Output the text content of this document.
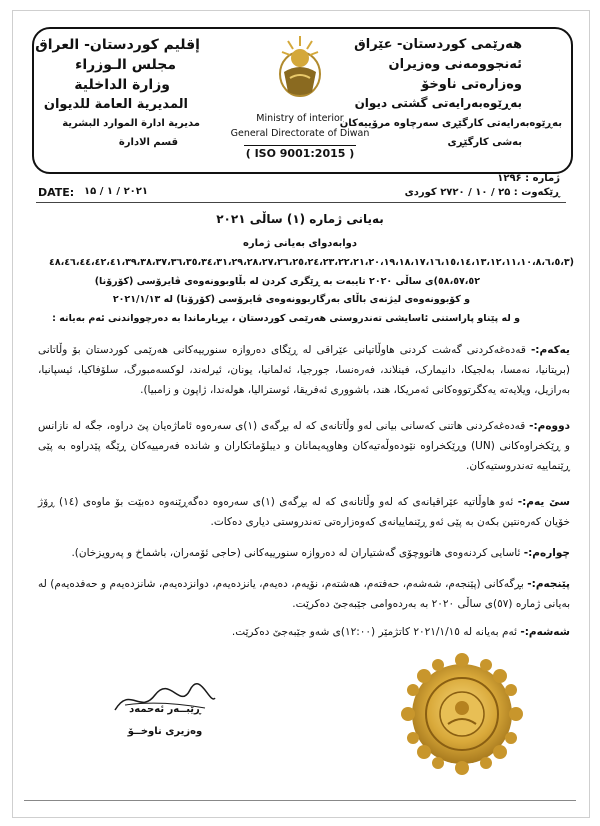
إقليم كوردستان- العراق
مجلس الـوزراء
وزارة الداخلية
المديرية العامة للديوان
مديرية ادارة الموارد البشرية
قسم الادارة
هەرێمی کوردستان- عێراق
ئەنجوومەنی وەزیران
وەزارەتی ناوخۆ
بەڕێوەبەرایەتی گشتی دیوان
بەڕێوەبەرایەتی کارگێڕی سەرچاوە مرۆییەکان
بەشی کارگێڕی
Ministry of interior
General Directorate of Diwan
( ISO 9001:2015 )
ژمارە : ۱۲۹۶
DATE: ۲۰۲۱ / ۱ / ۱۵	ڕێکەوت : ۲۵ / ۱۰ / ۲۷۲۰ کوردی
بەیانی ژمارە (۱) ساڵی ۲۰۲۱
دوابەدوای بەیانی ژمارە
(٤٨،٤٦،٤٤،٤٢،٤١،٣٩،٣٨،٣٧،٣٦،٣٥،٣٤،٣١،٢٩،٢٨،٢٧،٢٦،٢٥،٢٤،٢٣،٢٢،٢١،٢٠،١٩،١٨،١٧،١٦،١٥،١٤،١٣،١٢،١١،١٠،٨،٦،٥،٣
٥٨،٥٧،٥٢)ی ساڵی ٢٠٢٠ تایبەت بە ڕێگری کردن لە بڵاوبوونەوەی ڤایرۆسی (کۆرۆنا)
و کۆبوونەوەی لیژنەی باڵای بەرگاربوونەوەی ڤایرۆسی (کۆرۆنا) لە ٢٠٢١/١/١٣
و لە پێناو پاراستنی ئاسایشی تەندروستی هەرێمی کوردستان ، بڕیارماندا بە دەرچوواندنی ئەم بەیانە :
یەکەم:- قەدەغەکردنی گەشت کردنی هاوڵاتیانی عێراقی لە ڕێگای دەروازە سنورییەکانی هەرێمی کوردستان بۆ وڵاتانی (بریتانیا، نەمسا، بەلجیکا، دانیمارک، فینلاند، فەرەنسا، جورجیا، ئەلمانیا، یونان، ئیرلەند، لوکسەمبورگ، سلۆفاکیا، ئیسپانیا، بەرازیل، ویلایەتە یەکگرتووەکانی ئەمریکا، هند، باشووری ئەفریقا، ئوستراليا، هولەندا، ژاپون و زامبیا).
دووەم:- قەدەغەکردنی هاتنی کەسانی بیانی لەو وڵاتانەی کە لە بڕگەی (۱)ی سەرەوە ئاماژەیان پێ دراوە، جگە لە نازانس و ڕێکخراوەکانی (UN) وڕێکخراوە نێودەوڵەتیەکان وهاوپەیمانان و دیبلۆماتکاران و شاندە فەرمییەکان ڕێگە پێدراوە بە پێی ڕێنماییە تەندروستیەکان.
سێ یەم:- ئەو هاوڵاتیە عێراقیانەی کە لەو وڵاتانەی کە لە بڕگەی (۱)ی سەرەوە دەگەڕێنەوە دەبێت بۆ ماوەی (١٤) ڕۆژ خۆیان کەرەنتین بکەن بە پێی ئەو ڕێنماییانەی کەوەزارەتی تەندروستی دیاری دەکات.
چوارەم:- ئاسایی کردنەوەی هاتووچۆی گەشتیاران لە دەروازە سنورییەکانی (حاجی ئۆمەران، باشماخ و پەرویزخان).
پێنجەم:- بڕگەکانی (پێنجەم، شەشەم، حەفتەم، هەشتەم، نۆیەم، دەیەم، یانزدەیەم، دوانزدەیەم، شانزدەیەم و حەفدەیەم) لە بەیانی ژمارە (٥٧)ی ساڵی ٢٠٢٠ بە بەردەوامی جێبەجێ دەکرێت.
شەشەم:- ئەم بەیانە لە ٢٠٢١/١/١٥ کاتژمێر (١٢:٠٠)ی شەو جێبەجێ دەکرێت.
ڕێبــەر ئەحمەد
وەزیری ناوخــۆ
